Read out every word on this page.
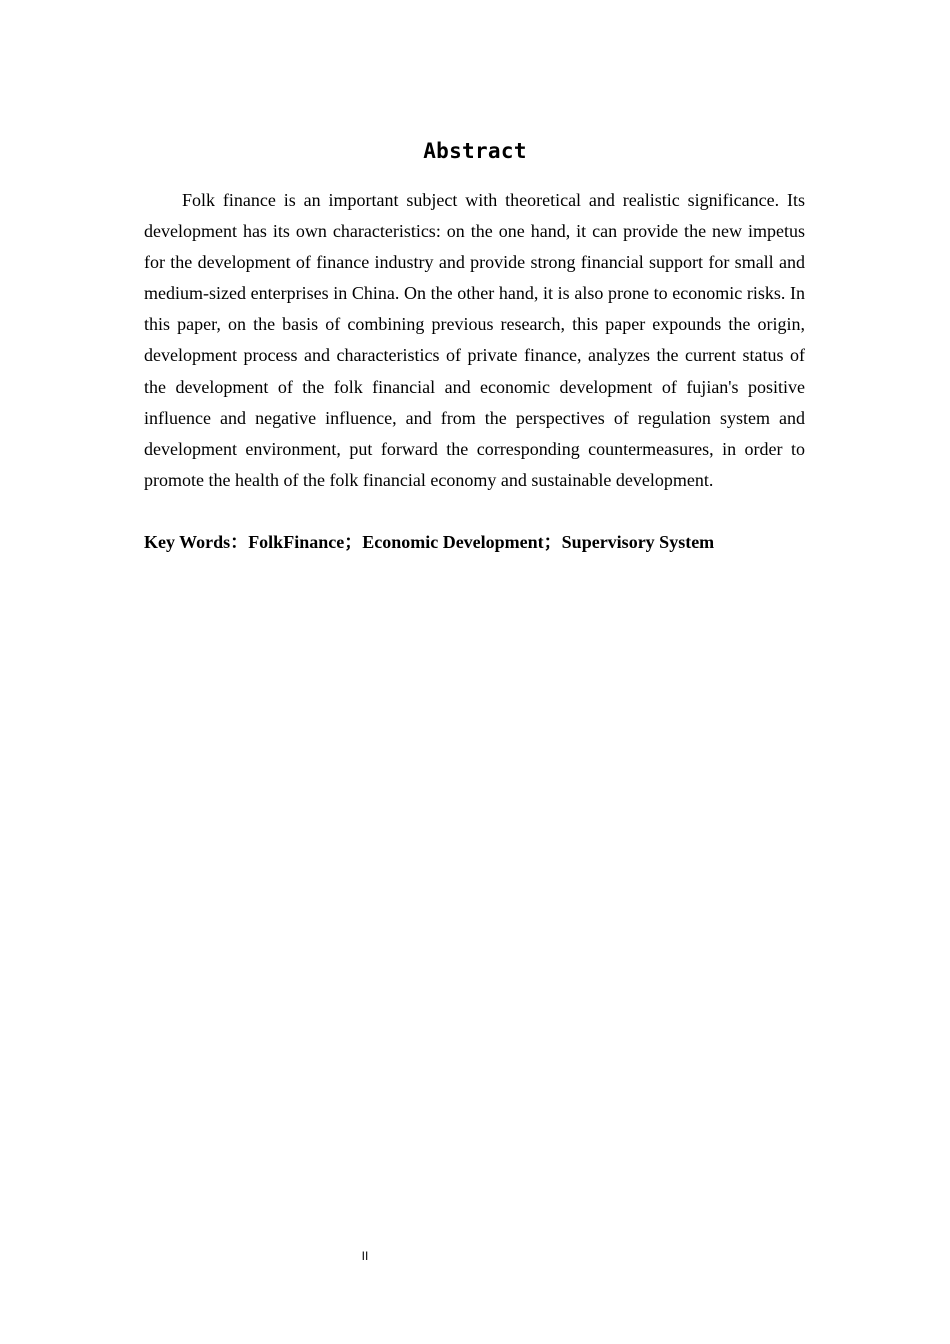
Abstract

Folk finance is an important subject with theoretical and realistic significance. Its development has its own characteristics: on the one hand, it can provide the new impetus for the development of finance industry and provide strong financial support for small and medium-sized enterprises in China. On the other hand, it is also prone to economic risks. In this paper, on the basis of combining previous research, this paper expounds the origin, development process and characteristics of private finance, analyzes the current status of the development of the folk financial and economic development of fujian's positive influence and negative influence, and from the perspectives of regulation system and development environment, put forward the corresponding countermeasures, in order to promote the health of the folk financial economy and sustainable development.

Key Words：FolkFinance；Economic Development；Supervisory System

II
